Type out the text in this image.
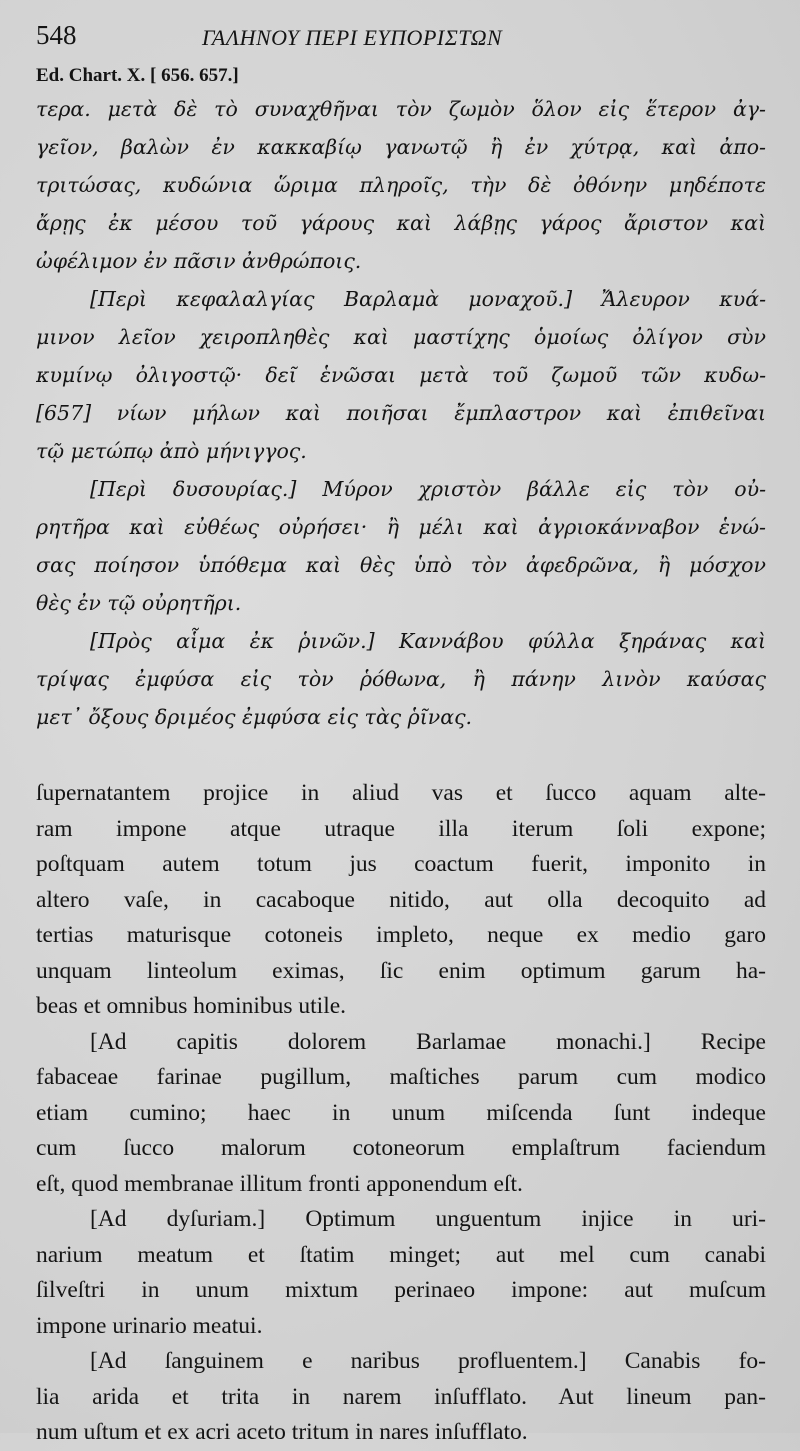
548	ΓΑΛΗΝΟΥ ΠΕΡΙ ΕΥΠΟΡΙΣΤΩΝ
Ed. Chart. X. [ 656. 657.]
τερα. μετὰ δὲ τὸ συναχθῆναι τὸν ζωμὸν ὅλον εἰς ἕτερον ἀγ-
γεῖον, βαλὼν ἐν κακκαβίῳ γανωτῷ ἢ ἐν χύτρᾳ, καὶ ἀπο-
τριτώσας, κυδώνια ὥριμα πληροῖς, τὴν δὲ ὀθόνην μηδέποτε
ἄρῃς ἐκ μέσου τοῦ γάρους καὶ λάβῃς γάρος ἄριστον καὶ
ὠφέλιμον ἐν πᾶσιν ἀνθρώποις.
[Περὶ κεφαλαλγίας Βαρλαμὰ μοναχοῦ.] Ἄλευρον κυά-
μινον λεῖον χειροπληθὲς καὶ μαστίχης ὁμοίως ὀλίγον σὺν
κυμίνῳ ὀλιγοστῷ· δεῖ ἑνῶσαι μετὰ τοῦ ζωμοῦ τῶν κυδω-
[657] νίων μήλων καὶ ποιῆσαι ἔμπλαστρον καὶ ἐπιθεῖναι
τῷ μετώπῳ ἀπὸ μήνιγγος.
[Περὶ δυσουρίας.] Μύρον χριστὸν βάλλε εἰς τὸν οὐ-
ρητῆρα καὶ εὐθέως οὐρήσει· ἢ μέλι καὶ ἀγριοκάνναβον ἑνώ-
σας ποίησον ὑπόθεμα καὶ θὲς ὑπὸ τὸν ἀφεδρῶνα, ἢ μόσχον
θὲς ἐν τῷ οὐρητῆρι.
[Πρὸς αἷμα ἐκ ῥινῶν.] Καννάβου φύλλα ξηράνας καὶ
τρίψας ἐμφύσα εἰς τὸν ῥόθωνα, ἢ πάνην λινὸν καύσας
μετ᾽ ὄξους δριμέος ἐμφύσα εἰς τὰς ῥῖνας.
ſupernatantem projice in aliud vas et ſucco aquam alte-
ram impone atque utraque illa iterum ſoli expone;
poſtquam autem totum jus coactum fuerit, imponito in
altero vaſe, in cacaboque nitido, aut olla decoquito ad
tertias maturisque cotoneis impleto, neque ex medio garo
unquam linteolum eximas, ſic enim optimum garum ha-
beas et omnibus hominibus utile.
[Ad capitis dolorem Barlamae monachi.] Recipe
fabaceae farinae pugillum, maſtiches parum cum modico
etiam cumino; haec in unum miſcenda ſunt indeque
cum ſucco malorum cotoneorum emplaſtrum faciendum
eſt, quod membranae illitum fronti apponendum eſt.
[Ad dyſuriam.] Optimum unguentum injice in uri-
narium meatum et ſtatim minget; aut mel cum canabi
ſilveſtri in unum mixtum perinaeo impone: aut muſcum
impone urinario meatui.
[Ad ſanguinem e naribus profluentem.] Canabis fo-
lia arida et trita in narem inſufflato. Aut lineum pan-
num uſtum et ex acri aceto tritum in nares inſufflato.
